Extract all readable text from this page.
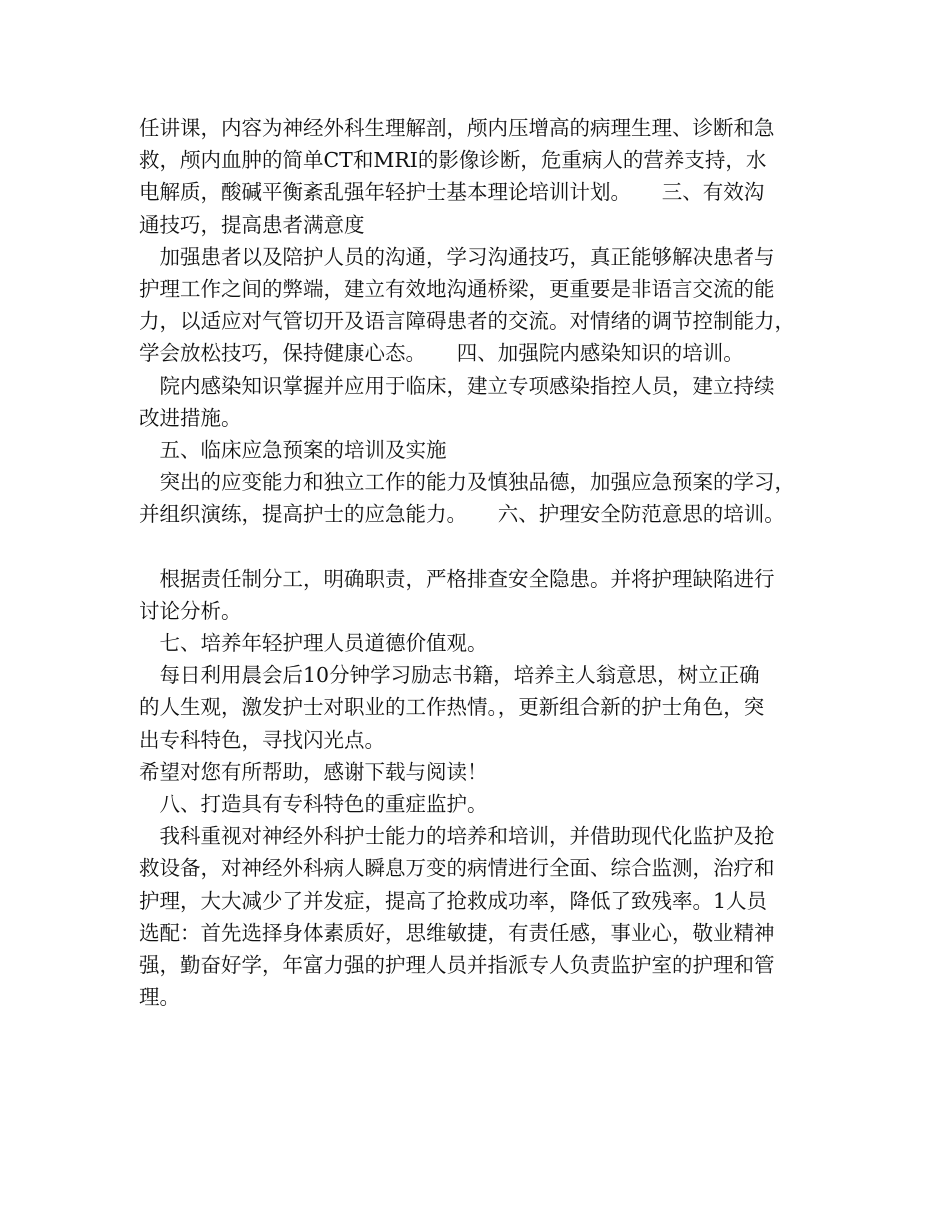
任讲课，内容为神经外科生理解剖，颅内压增高的病理生理、诊断和急
救，颅内血肿的简单CT和MRI的影像诊断，危重病人的营养支持，水
电解质，酸碱平衡紊乱强年轻护士基本理论培训计划。　　三、有效沟
通技巧，提高患者满意度
　加强患者以及陪护人员的沟通，学习沟通技巧，真正能够解决患者与
护理工作之间的弊端，建立有效地沟通桥梁，更重要是非语言交流的能
力，以适应对气管切开及语言障碍患者的交流。对情绪的调节控制能力，
学会放松技巧，保持健康心态。　　四、加强院内感染知识的培训。
　院内感染知识掌握并应用于临床，建立专项感染指控人员，建立持续
改进措施。
　五、临床应急预案的培训及实施
　突出的应变能力和独立工作的能力及慎独品德，加强应急预案的学习，
并组织演练，提高护士的应急能力。　　六、护理安全防范意思的培训。
　根据责任制分工，明确职责，严格排查安全隐患。并将护理缺陷进行
讨论分析。
　七、培养年轻护理人员道德价值观。
　每日利用晨会后10分钟学习励志书籍，培养主人翁意思，树立正确
的人生观，激发护士对职业的工作热情。，更新组合新的护士角色，突
出专科特色，寻找闪光点。
希望对您有所帮助，感谢下载与阅读！
　八、打造具有专科特色的重症监护。
　我科重视对神经外科护士能力的培养和培训，并借助现代化监护及抢
救设备，对神经外科病人瞬息万变的病情进行全面、综合监测，治疗和
护理，大大减少了并发症，提高了抢救成功率，降低了致残率。1人员
选配：首先选择身体素质好，思维敏捷，有责任感，事业心，敬业精神
强，勤奋好学，年富力强的护理人员并指派专人负责监护室的护理和管
理。
